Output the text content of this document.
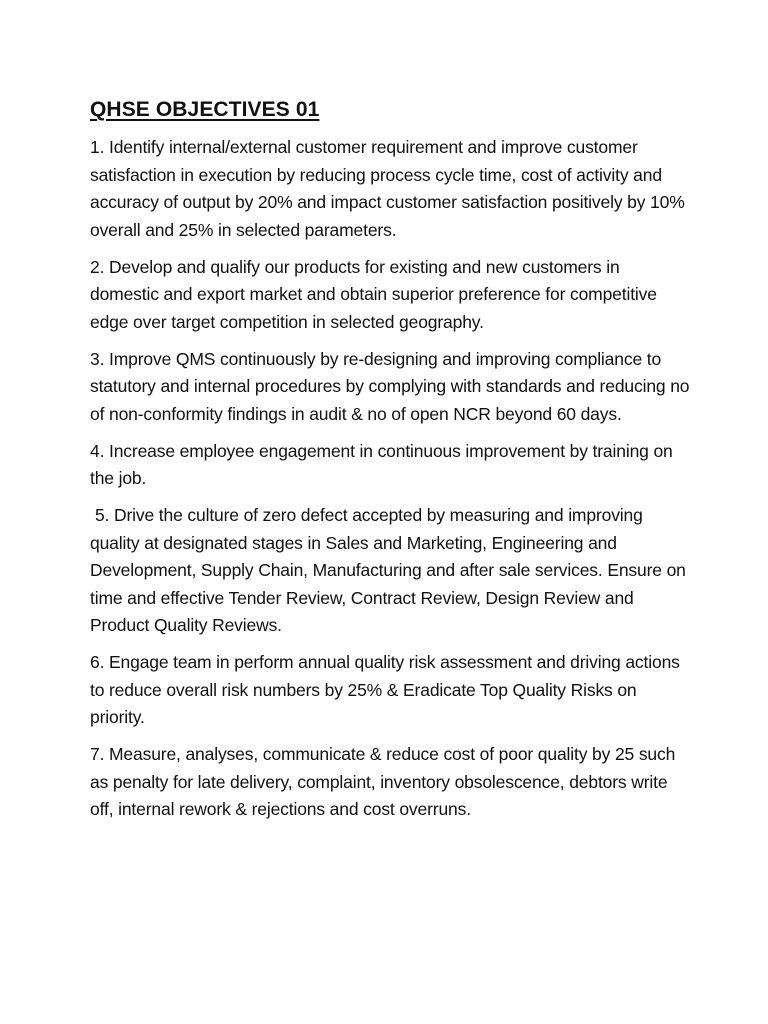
QHSE OBJECTIVES 01

1. Identify internal/external customer requirement and improve customer satisfaction in execution by reducing process cycle time, cost of activity and accuracy of output by 20% and impact customer satisfaction positively by 10% overall and 25% in selected parameters.

2. Develop and qualify our products for existing and new customers in domestic and export market and obtain superior preference for competitive edge over target competition in selected geography.

3. Improve QMS continuously by re-designing and improving compliance to statutory and internal procedures by complying with standards and reducing no of non-conformity findings in audit & no of open NCR beyond 60 days.

4. Increase employee engagement in continuous improvement by training on the job.

5. Drive the culture of zero defect accepted by measuring and improving quality at designated stages in Sales and Marketing, Engineering and Development, Supply Chain, Manufacturing and after sale services. Ensure on time and effective Tender Review, Contract Review, Design Review and Product Quality Reviews.

6. Engage team in perform annual quality risk assessment and driving actions to reduce overall risk numbers by 25% & Eradicate Top Quality Risks on priority.

7. Measure, analyses, communicate & reduce cost of poor quality by 25 such as penalty for late delivery, complaint, inventory obsolescence, debtors write off, internal rework & rejections and cost overruns.
